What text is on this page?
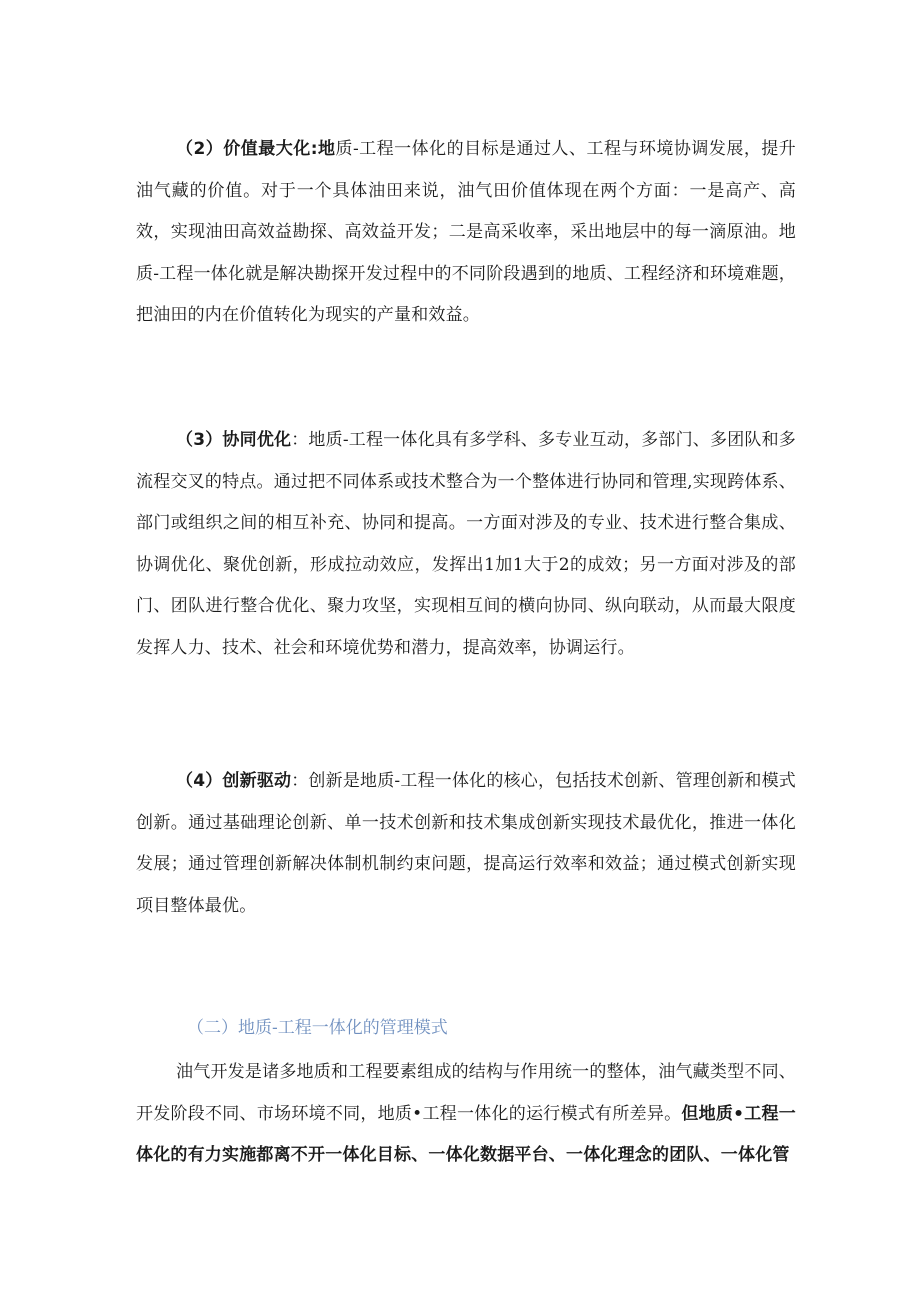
（2）价值最大化:地质-工程一体化的目标是通过人、工程与环境协调发展，提升油气藏的价值。对于一个具体油田来说，油气田价值体现在两个方面：一是高产、高效，实现油田高效益勘探、高效益开发；二是高采收率，采出地层中的每一滴原油。地质-工程一体化就是解决勘探开发过程中的不同阶段遇到的地质、工程经济和环境难题，把油田的内在价值转化为现实的产量和效益。

（3）协同优化：地质-工程一体化具有多学科、多专业互动，多部门、多团队和多流程交叉的特点。通过把不同体系或技术整合为一个整体进行协同和管理,实现跨体系、部门或组织之间的相互补充、协同和提高。一方面对涉及的专业、技术进行整合集成、协调优化、聚优创新，形成拉动效应，发挥出1加1大于2的成效；另一方面对涉及的部门、团队进行整合优化、聚力攻坚，实现相互间的横向协同、纵向联动，从而最大限度发挥人力、技术、社会和环境优势和潜力，提高效率，协调运行。

（4）创新驱动：创新是地质-工程一体化的核心，包括技术创新、管理创新和模式创新。通过基础理论创新、单一技术创新和技术集成创新实现技术最优化，推进一体化发展；通过管理创新解决体制机制约束问题，提高运行效率和效益；通过模式创新实现项目整体最优。

（二）地质-工程一体化的管理模式

油气开发是诸多地质和工程要素组成的结构与作用统一的整体，油气藏类型不同、开发阶段不同、市场环境不同，地质•工程一体化的运行模式有所差异。但地质•工程一体化的有力实施都离不开一体化目标、一体化数据平台、一体化理念的团队、一体化管
